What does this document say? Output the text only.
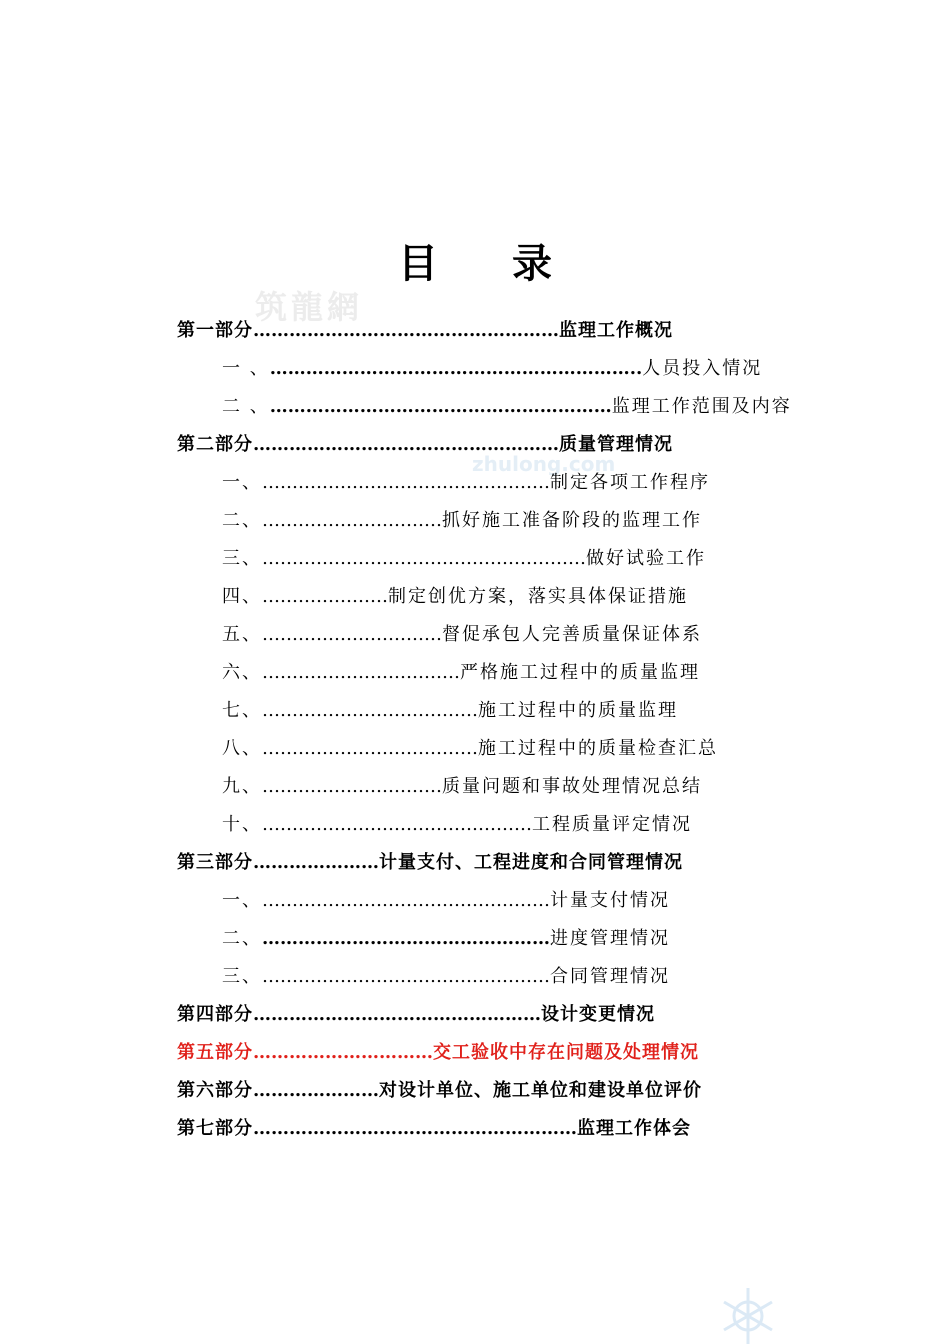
筑龍網
zhulong.com
目 录
第一部分……………………………………………监理工作概况
一 、……………………………………………………..人员投入情况
二 、…………………………………………………监理工作范围及内容
第二部分……………………………………………质量管理情况
一、…………………………………………制定各项工作程序
二、…………………………抓好施工准备阶段的监理工作
三、………………………………………………做好试验工作
四、…………………制定创优方案，落实具体保证措施
五、…………………………督促承包人完善质量保证体系
六、……………………………严格施工过程中的质量监理
七、………………………………施工过程中的质量监理
八、………………………………施工过程中的质量检查汇总
九、…………………………质量问题和事故处理情况总结
十、………………………………………工程质量评定情况
第三部分…………………计量支付、工程进度和合同管理情况
一、…………………………………………计量支付情况
二、…………………………………………进度管理情况
三、…………………………………………合同管理情况
第四部分…………………………………………设计变更情况
第五部分…………………………交工验收中存在问题及处理情况
第六部分…………………对设计单位、施工单位和建设单位评价
第七部分………………………………………………监理工作体会
